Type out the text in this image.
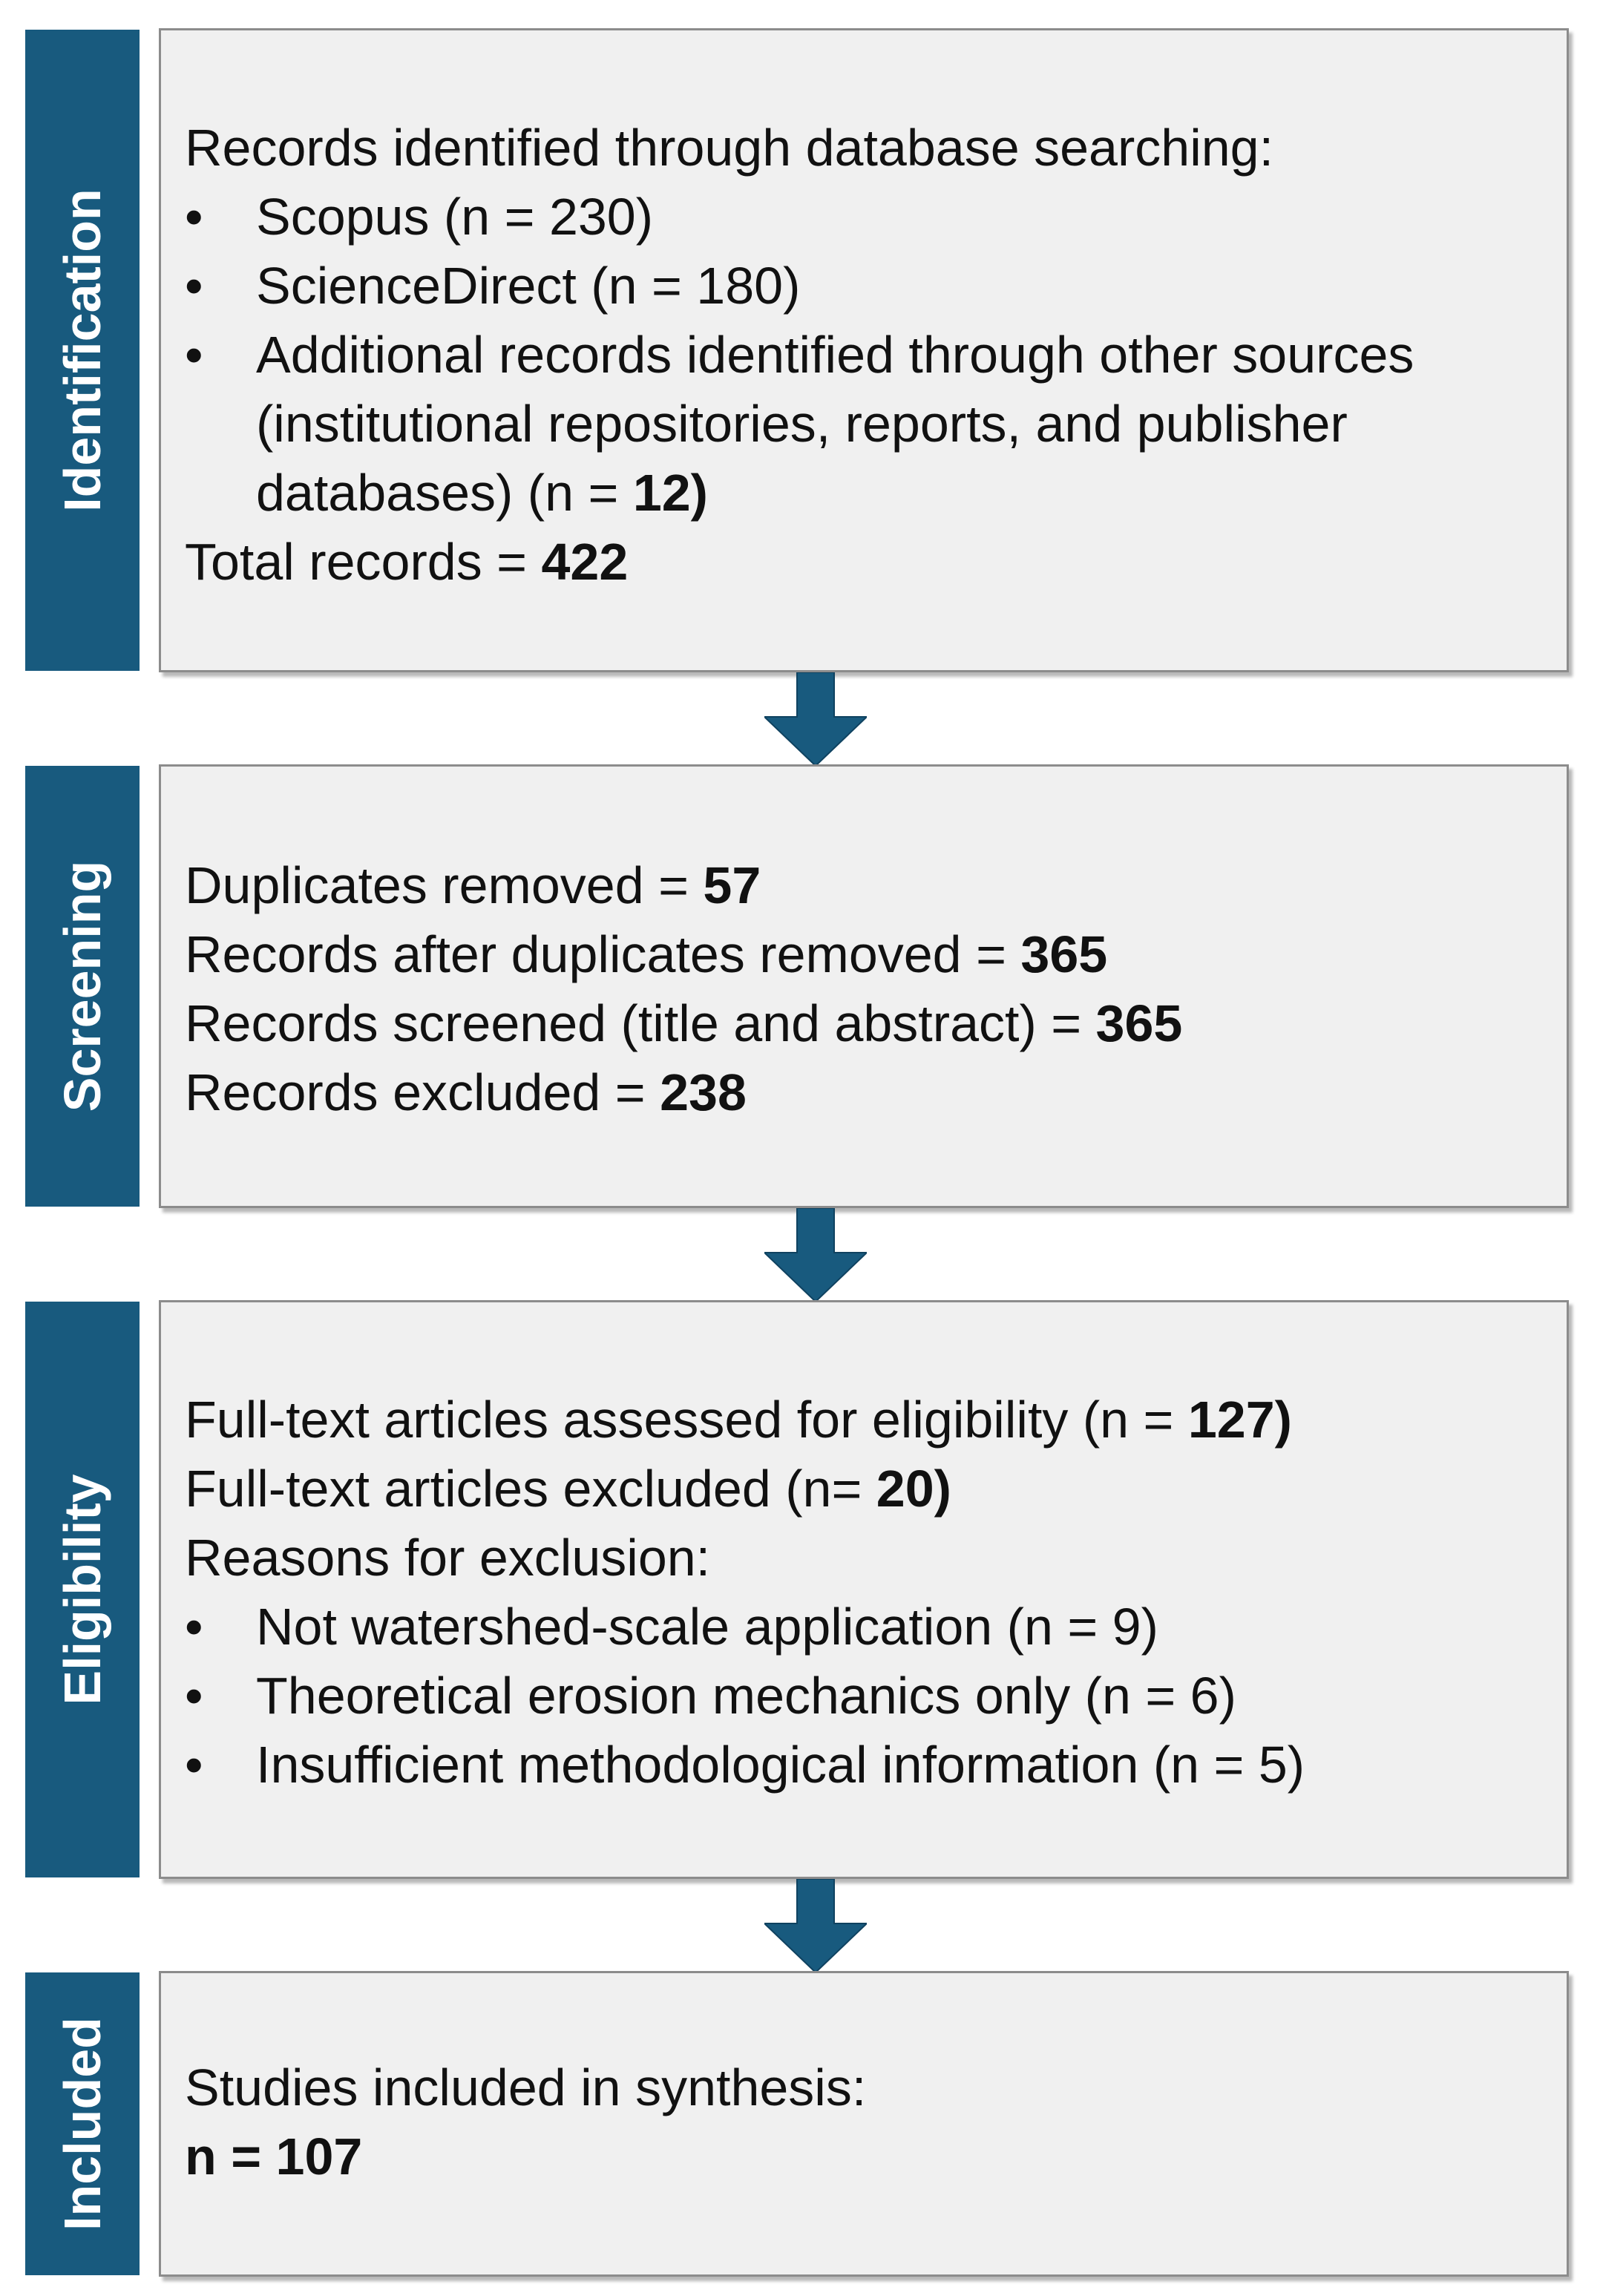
Identification
Records identified through database searching:
•	Scopus (n = 230)
•	ScienceDirect (n = 180)
•	Additional records identified through other sources (institutional repositories, reports, and publisher databases) (n = 12)
Total records = 422
Screening Duplicates removed = 57
Records after duplicates removed = 365
Records screened (title and abstract) = 365
Records excluded = 238
Eligibility
Full-text articles assessed for eligibility (n = 127)
Full-text articles excluded (n= 20)
Reasons for exclusion:
•	Not watershed-scale application (n = 9)
•	Theoretical erosion mechanics only (n = 6)
•	Insufficient methodological information (n = 5)
Included Studies included in synthesis:
n = 107
